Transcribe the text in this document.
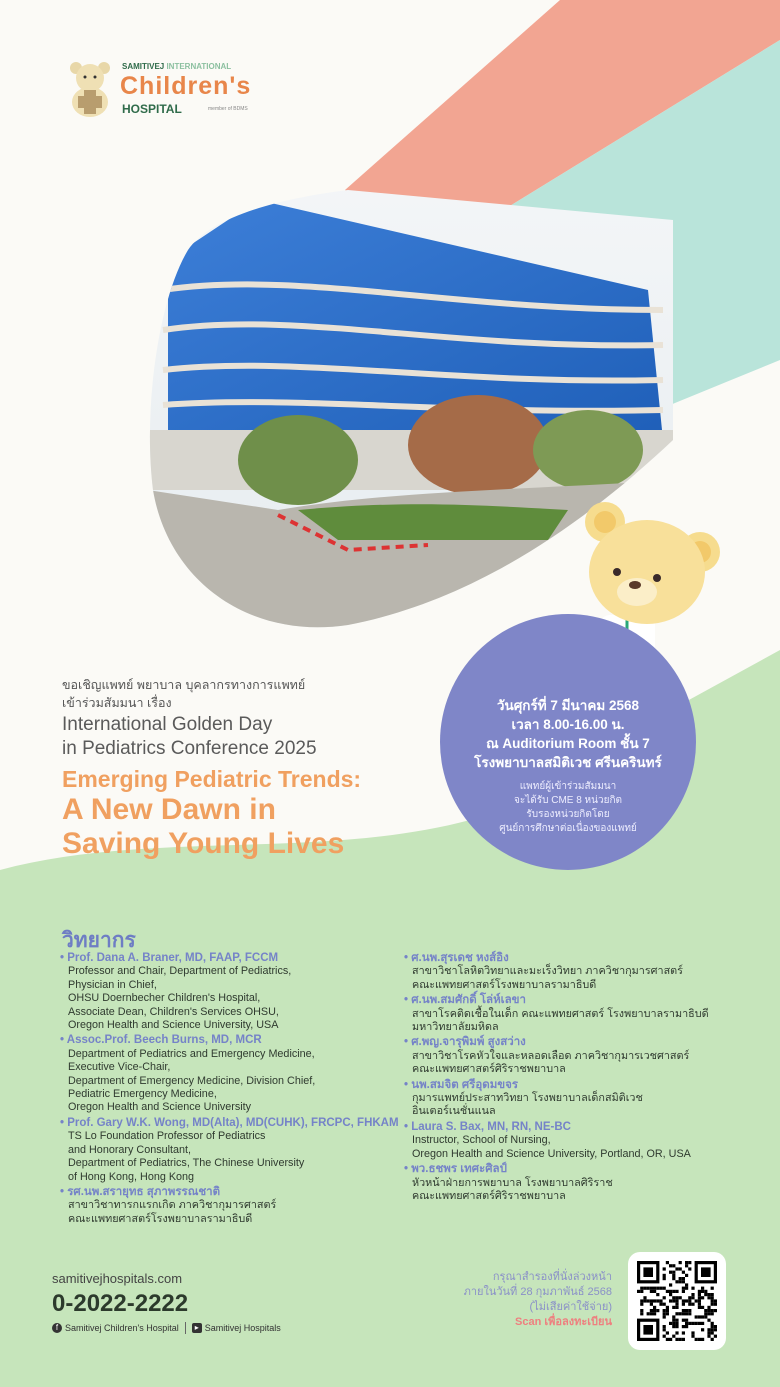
SAMITIVEJ INTERNATIONAL
Children's
HOSPITAL	member of BDMS
ขอเชิญแพทย์ พยาบาล บุคลากรทางการแพทย์
เข้าร่วมสัมมนา เรื่อง
International Golden Day
in Pediatrics Conference 2025
Emerging Pediatric Trends:
A New Dawn in
Saving Young Lives
วันศุกร์ที่ 7 มีนาคม 2568
เวลา 8.00-16.00 น.
ณ Auditorium Room ชั้น 7
โรงพยาบาลสมิติเวช ศรีนครินทร์
แพทย์ผู้เข้าร่วมสัมมนา
จะได้รับ CME 8 หน่วยกิต
รับรองหน่วยกิตโดย
ศูนย์การศึกษาต่อเนื่องของแพทย์
วิทยากร
• Prof. Dana A. Braner, MD, FAAP, FCCM
Professor and Chair, Department of Pediatrics,
Physician in Chief,
OHSU Doernbecher Children's Hospital,
Associate Dean, Children's Services OHSU,
Oregon Health and Science University, USA
• Assoc.Prof. Beech Burns, MD, MCR
Department of Pediatrics and Emergency Medicine,
Executive Vice-Chair,
Department of Emergency Medicine, Division Chief,
Pediatric Emergency Medicine,
Oregon Health and Science University
• Prof. Gary W.K. Wong, MD(Alta), MD(CUHK), FRCPC, FHKAM
TS Lo Foundation Professor of Pediatrics
and Honorary Consultant,
Department of Pediatrics, The Chinese University
of Hong Kong, Hong Kong
• รศ.นพ.สรายุทธ สุภาพรรณชาติ
สาขาวิชาทารกแรกเกิด ภาควิชากุมารศาสตร์
คณะแพทยศาสตร์โรงพยาบาลรามาธิบดี
• ศ.นพ.สุรเดช หงส์อิง
สาขาวิชาโลหิตวิทยาและมะเร็งวิทยา ภาควิชากุมารศาสตร์
คณะแพทยศาสตร์โรงพยาบาลรามาธิบดี
• ศ.นพ.สมศักดิ์ โล่ห์เลขา
สาขาโรคติดเชื้อในเด็ก คณะแพทยศาสตร์ โรงพยาบาลรามาธิบดี
มหาวิทยาลัยมหิดล
• ศ.พญ.จารุพิมพ์ สูงสว่าง
สาขาวิชาโรคหัวใจและหลอดเลือด ภาควิชากุมารเวชศาสตร์
คณะแพทยศาสตร์ศิริราชพยาบาล
• นพ.สมจิต ศรีอุดมขจร
กุมารแพทย์ประสาทวิทยา โรงพยาบาลเด็กสมิติเวช
อินเตอร์เนชั่นแนล
• Laura S. Bax, MN, RN, NE-BC
Instructor, School of Nursing,
Oregon Health and Science University, Portland, OR, USA
• พว.ธชพร เทศะศิลป์
หัวหน้าฝ่ายการพยาบาล โรงพยาบาลศิริราช
คณะแพทยศาสตร์ศิริราชพยาบาล
samitivejhospitals.com
0-2022-2222
f Samitivej Children's Hospital	▸ Samitivej Hospitals
กรุณาสำรองที่นั่งล่วงหน้า
ภายในวันที่ 28 กุมภาพันธ์ 2568
(ไม่เสียค่าใช้จ่าย)
Scan เพื่อลงทะเบียน
